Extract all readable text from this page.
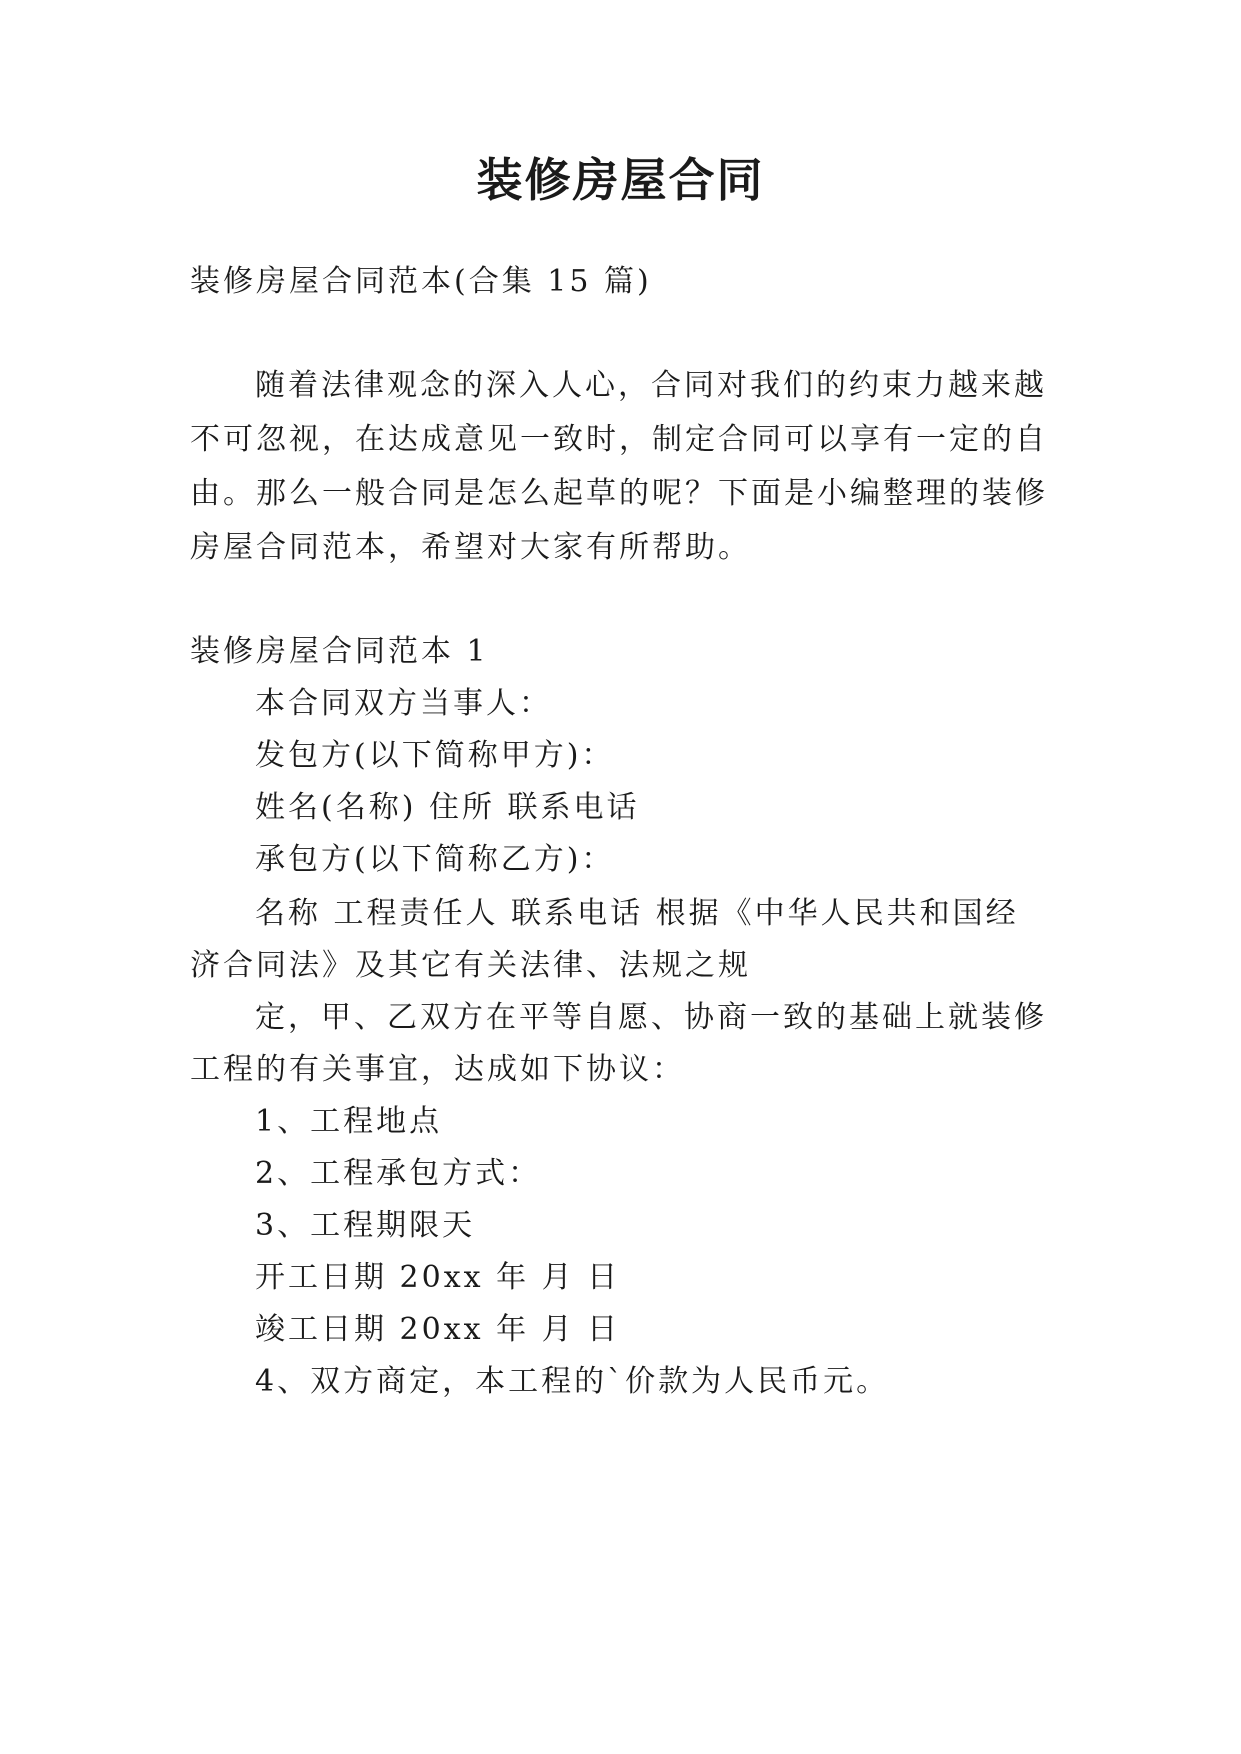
装修房屋合同

装修房屋合同范本(合集 15 篇)

随着法律观念的深入人心，合同对我们的约束力越来越

不可忽视，在达成意见一致时，制定合同可以享有一定的自

由。那么一般合同是怎么起草的呢？下面是小编整理的装修

房屋合同范本，希望对大家有所帮助。

装修房屋合同范本 1

本合同双方当事人：

发包方(以下简称甲方)：

姓名(名称) 住所 联系电话

承包方(以下简称乙方)：

名称 工程责任人 联系电话 根据《中华人民共和国经

济合同法》及其它有关法律、法规之规

定，甲、乙双方在平等自愿、协商一致的基础上就装修

工程的有关事宜，达成如下协议：

1、工程地点

2、工程承包方式：

3、工程期限天

开工日期 20xx 年 月 日

竣工日期 20xx 年 月 日

4、双方商定，本工程的`价款为人民币元。
